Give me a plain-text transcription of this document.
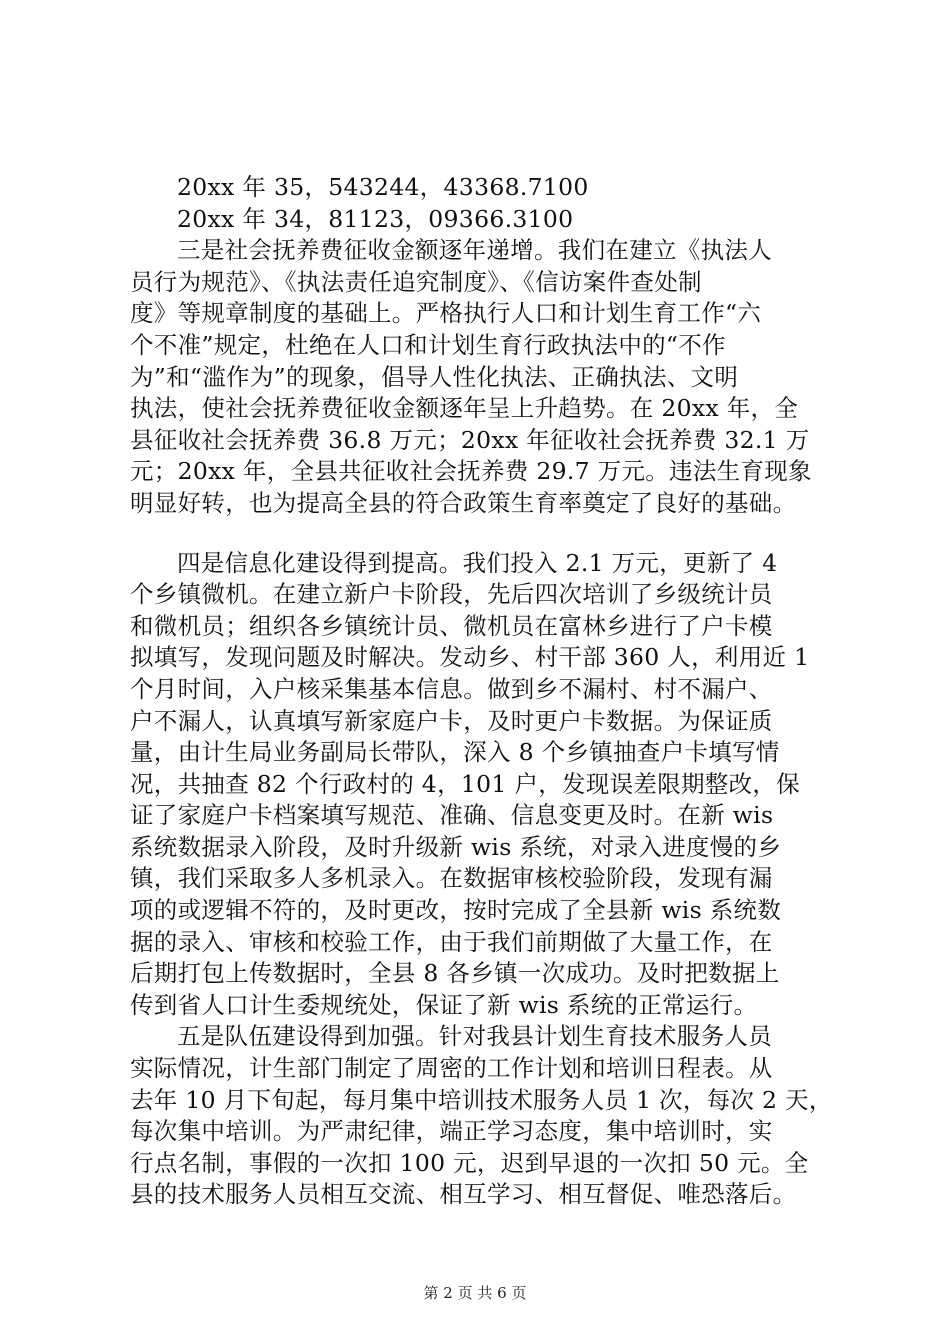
20xx 年 35，543244，43368.7100
20xx 年 34，81123，09366.3100
三是社会抚养费征收金额逐年递增。我们在建立《执法人
员行为规范》、《执法责任追究制度》、《信访案件查处制
度》等规章制度的基础上。严格执行人口和计划生育工作“六
个不准”规定，杜绝在人口和计划生育行政执法中的“不作
为”和“滥作为”的现象，倡导人性化执法、正确执法、文明
执法，使社会抚养费征收金额逐年呈上升趋势。在 20xx 年，全
县征收社会抚养费 36.8 万元；20xx 年征收社会抚养费 32.1 万
元；20xx 年，全县共征收社会抚养费 29.7 万元。违法生育现象
明显好转，也为提高全县的符合政策生育率奠定了良好的基础。
四是信息化建设得到提高。我们投入 2.1 万元，更新了 4
个乡镇微机。在建立新户卡阶段，先后四次培训了乡级统计员
和微机员；组织各乡镇统计员、微机员在富林乡进行了户卡模
拟填写，发现问题及时解决。发动乡、村干部 360 人，利用近 1
个月时间，入户核采集基本信息。做到乡不漏村、村不漏户、
户不漏人，认真填写新家庭户卡，及时更户卡数据。为保证质
量，由计生局业务副局长带队，深入 8 个乡镇抽查户卡填写情
况，共抽查 82 个行政村的 4，101 户，发现误差限期整改，保
证了家庭户卡档案填写规范、准确、信息变更及时。在新 wis
系统数据录入阶段，及时升级新 wis 系统，对录入进度慢的乡
镇，我们采取多人多机录入。在数据审核校验阶段，发现有漏
项的或逻辑不符的，及时更改，按时完成了全县新 wis 系统数
据的录入、审核和校验工作，由于我们前期做了大量工作，在
后期打包上传数据时，全县 8 各乡镇一次成功。及时把数据上
传到省人口计生委规统处，保证了新 wis 系统的正常运行。
五是队伍建设得到加强。针对我县计划生育技术服务人员
实际情况，计生部门制定了周密的工作计划和培训日程表。从
去年 10 月下旬起，每月集中培训技术服务人员 1 次，每次 2 天，
每次集中培训。为严肃纪律，端正学习态度，集中培训时，实
行点名制，事假的一次扣 100 元，迟到早退的一次扣 50 元。全
县的技术服务人员相互交流、相互学习、相互督促、唯恐落后。
第 2 页 共 6 页
